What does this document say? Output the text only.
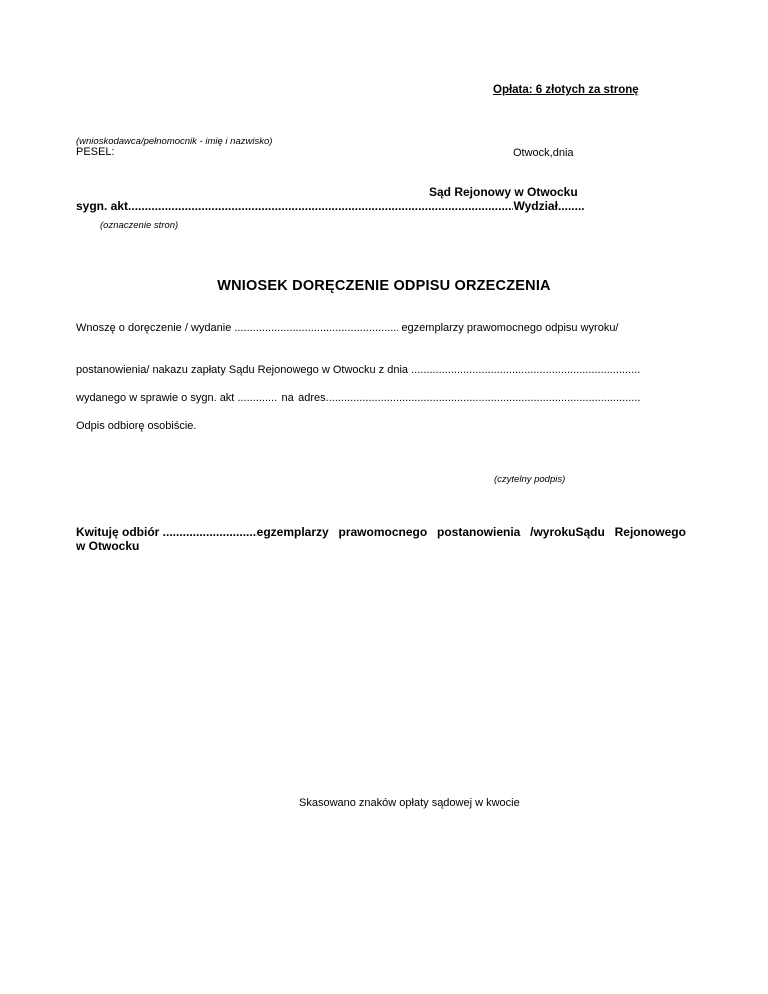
Opłata: 6 złotych za stronę
(wnioskodawca/pełnomocnik - imię i nazwisko)
PESEL:	Otwock,dnia
Sąd Rejonowy w Otwocku
sygn. akt .....	Wydział
.....
(oznaczenie stron)
WNIOSEK DORĘCZENIE ODPISU ORZECZENIA
Wnoszę o doręczenie / wydanie
.....
	egzemplarzy prawomocnego odpisu wyroku/
postanowienia/ nakazu zapłaty Sądu Rejonowego w Otwocku z dnia

.....
wydanego w sprawie o sygn. akt
.....
	na adres
.....
Odpis odbiorę osobiście.
(czytelny podpis)
Kwituję odbiór .....	egzemplarzy prawomocnego postanowienia /wyrokuSądu Rejonowego
w Otwocku
Skasowano znaków opłaty sądowej w kwocie
